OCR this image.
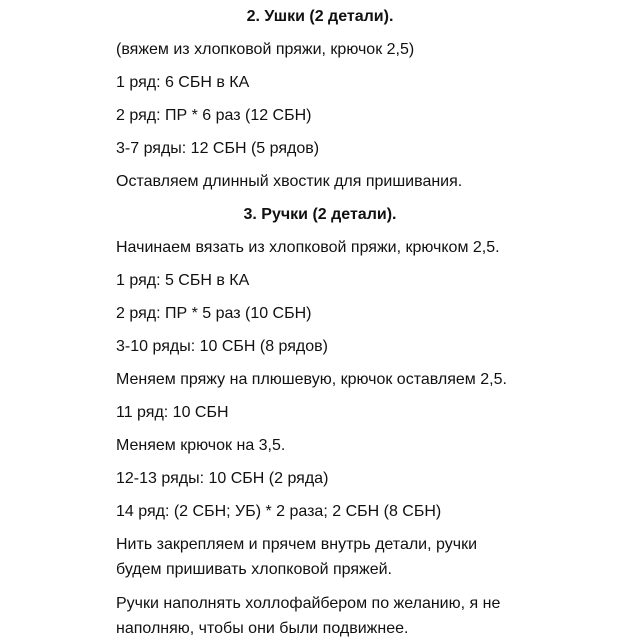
2. Ушки (2 детали).

(вяжем из хлопковой пряжи, крючок 2,5)

1 ряд: 6 СБН в КА

2 ряд: ПР * 6 раз (12 СБН)

3-7 ряды: 12 СБН (5 рядов)

Оставляем длинный хвостик для пришивания.

3. Ручки (2 детали).

Начинаем вязать из хлопковой пряжи, крючком 2,5.

1 ряд: 5 СБН в КА

2 ряд: ПР * 5 раз (10 СБН)

3-10 ряды: 10 СБН (8 рядов)

Меняем пряжу на плюшевую, крючок оставляем 2,5.

11 ряд: 10 СБН

Меняем крючок на 3,5.

12-13 ряды: 10 СБН (2 ряда)

14 ряд: (2 СБН; УБ) * 2 раза; 2 СБН (8 СБН)

Нить закрепляем и прячем внутрь детали, ручки

будем пришивать хлопковой пряжей.

Ручки наполнять холлофайбером по желанию, я не

наполняю, чтобы они были подвижнее.
